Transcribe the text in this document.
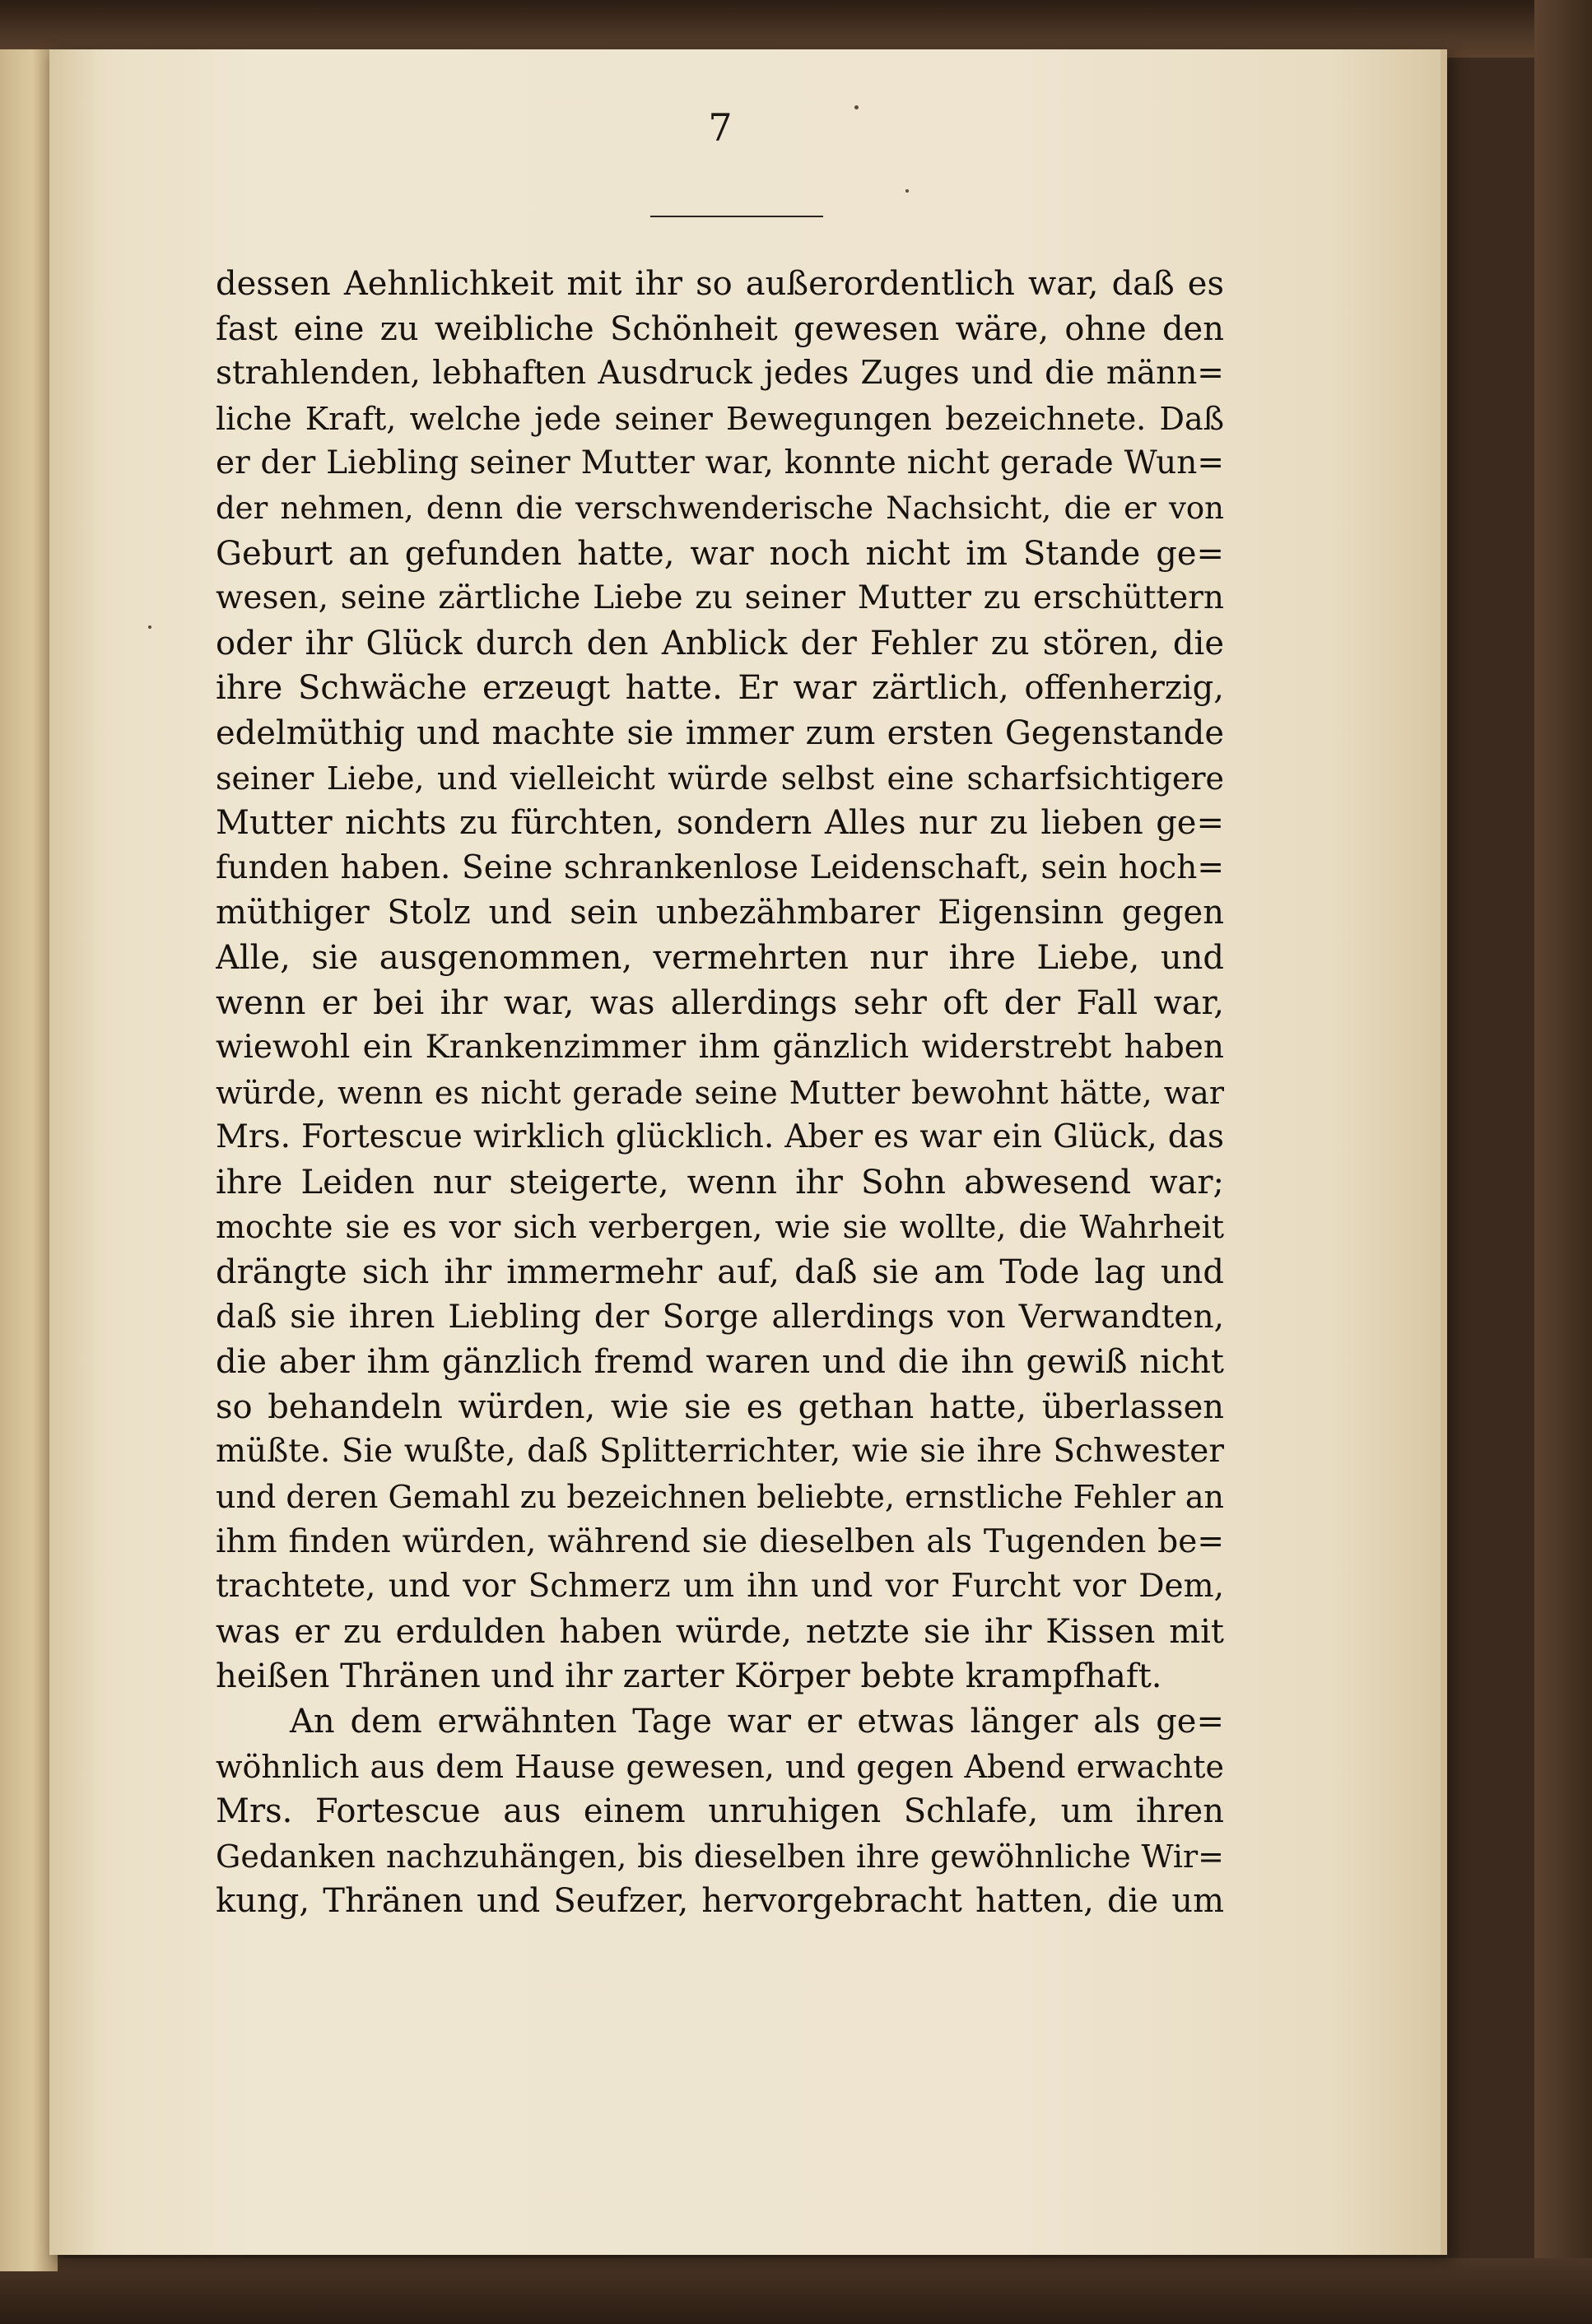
7
dessen Aehnlichkeit mit ihr so außerordentlich war, daß es
fast eine zu weibliche Schönheit gewesen wäre, ohne den
strahlenden, lebhaften Ausdruck jedes Zuges und die männ=
liche Kraft, welche jede seiner Bewegungen bezeichnete. Daß
er der Liebling seiner Mutter war, konnte nicht gerade Wun=
der nehmen, denn die verschwenderische Nachsicht, die er von
Geburt an gefunden hatte, war noch nicht im Stande ge=
wesen, seine zärtliche Liebe zu seiner Mutter zu erschüttern
oder ihr Glück durch den Anblick der Fehler zu stören, die
ihre Schwäche erzeugt hatte. Er war zärtlich, offenherzig,
edelmüthig und machte sie immer zum ersten Gegenstande
seiner Liebe, und vielleicht würde selbst eine scharfsichtigere
Mutter nichts zu fürchten, sondern Alles nur zu lieben ge=
funden haben. Seine schrankenlose Leidenschaft, sein hoch=
müthiger Stolz und sein unbezähmbarer Eigensinn gegen
Alle, sie ausgenommen, vermehrten nur ihre Liebe, und
wenn er bei ihr war, was allerdings sehr oft der Fall war,
wiewohl ein Krankenzimmer ihm gänzlich widerstrebt haben
würde, wenn es nicht gerade seine Mutter bewohnt hätte, war
Mrs. Fortescue wirklich glücklich. Aber es war ein Glück, das
ihre Leiden nur steigerte, wenn ihr Sohn abwesend war;
mochte sie es vor sich verbergen, wie sie wollte, die Wahrheit
drängte sich ihr immermehr auf, daß sie am Tode lag und
daß sie ihren Liebling der Sorge allerdings von Verwandten,
die aber ihm gänzlich fremd waren und die ihn gewiß nicht
so behandeln würden, wie sie es gethan hatte, überlassen
müßte. Sie wußte, daß Splitterrichter, wie sie ihre Schwester
und deren Gemahl zu bezeichnen beliebte, ernstliche Fehler an
ihm finden würden, während sie dieselben als Tugenden be=
trachtete, und vor Schmerz um ihn und vor Furcht vor Dem,
was er zu erdulden haben würde, netzte sie ihr Kissen mit
heißen Thränen und ihr zarter Körper bebte krampfhaft.
An dem erwähnten Tage war er etwas länger als ge=
wöhnlich aus dem Hause gewesen, und gegen Abend erwachte
Mrs. Fortescue aus einem unruhigen Schlafe, um ihren
Gedanken nachzuhängen, bis dieselben ihre gewöhnliche Wir=
kung, Thränen und Seufzer, hervorgebracht hatten, die um
